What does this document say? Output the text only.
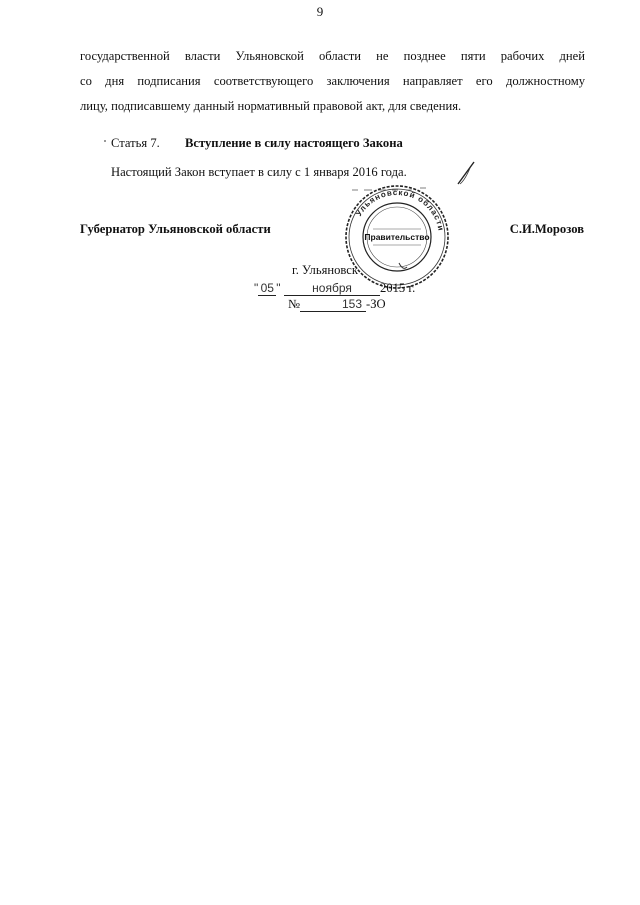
9
государственной власти Ульяновской области не позднее пяти рабочих дней
со дня подписания соответствующего заключения направляет его должностному
лицу, подписавшему данный нормативный правовой акт, для сведения.
Статья 7. Вступление в силу настоящего Закона
Настоящий Закон вступает в силу с 1 января 2016 года.
Ульяновской области
Правительство
Губернатор Ульяновской области	С.И.Морозов
г. Ульяновск
" 05 "	ноября 2015 г.
№	153 -ЗО
